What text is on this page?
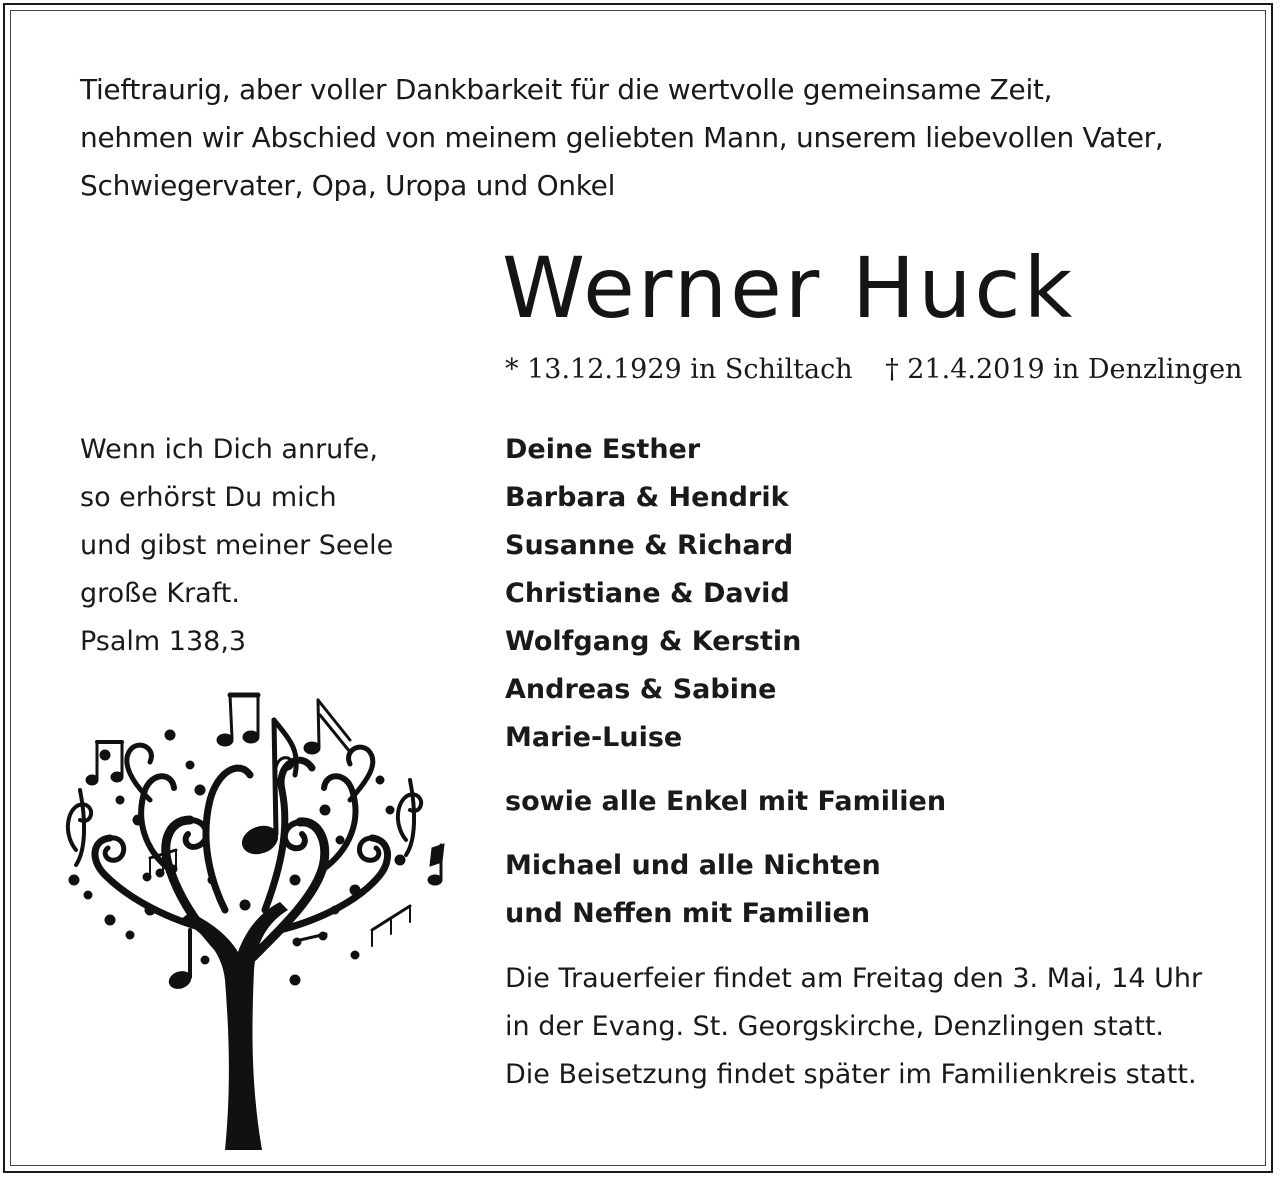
Tieftraurig, aber voller Dankbarkeit für die wertvolle gemeinsame Zeit,
nehmen wir Abschied von meinem geliebten Mann, unserem liebevollen Vater,
Schwiegervater, Opa, Uropa und Onkel
Werner Huck
* 13.12.1929 in Schiltach † 21.4.2019 in Denzlingen
Wenn ich Dich anrufe,
so erhörst Du mich
und gibst meiner Seele
große Kraft.
Psalm 138,3
Deine Esther
Barbara & Hendrik
Susanne & Richard
Christiane & David
Wolfgang & Kerstin
Andreas & Sabine
Marie-Luise
sowie alle Enkel mit Familien
Michael und alle Nichten
und Neffen mit Familien
Die Trauerfeier findet am Freitag den 3. Mai, 14 Uhr
in der Evang. St. Georgskirche, Denzlingen statt.
Die Beisetzung findet später im Familienkreis statt.
